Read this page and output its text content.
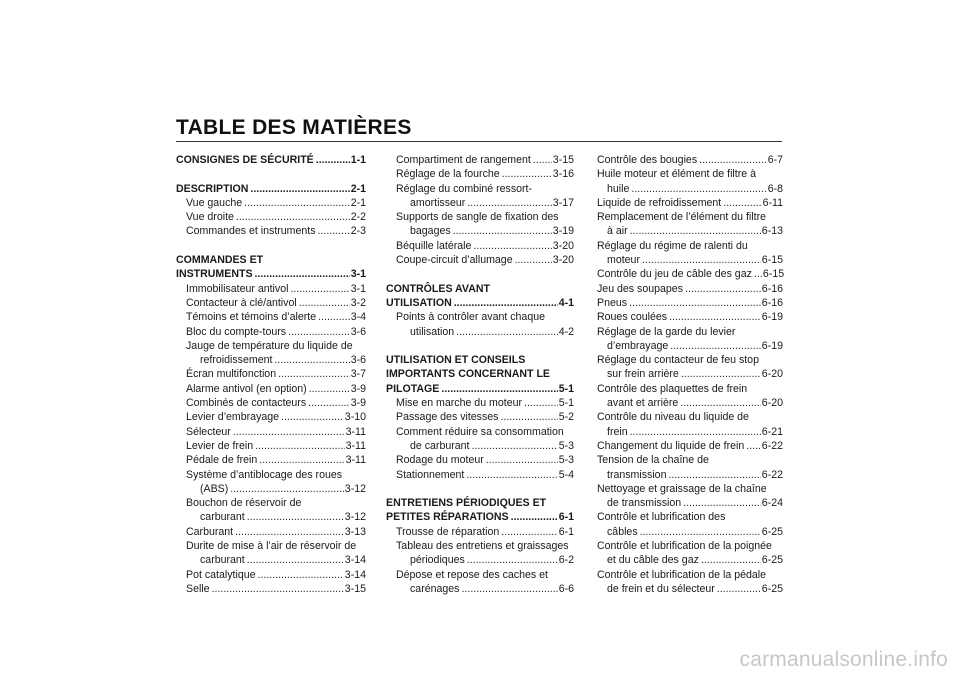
TABLE DES MATIÈRES
CONSIGNES DE SÉCURITÉ .....	1-1
DESCRIPTION .....	2-1
Vue gauche .....	2-1
Vue droite .....	2-2
Commandes et instruments .....	2-3
COMMANDES ET
INSTRUMENTS .....	3-1
Immobilisateur antivol .....	3-1
Contacteur à clé/antivol .....	3-2
Témoins et témoins d’alerte .....	3-4
Bloc du compte-tours .....	3-6
Jauge de température du liquide de
refroidissement .....	3-6
Écran multifonction .....	3-7
Alarme antivol (en option) .....	3-9
Combinés de contacteurs .....	3-9
Levier d’embrayage .....	3-10
Sélecteur .....	3-11
Levier de frein .....	3-11
Pédale de frein .....	3-11
Système d’antiblocage des roues
(ABS) .....	3-12
Bouchon de réservoir de
carburant .....	3-12
Carburant .....	3-13
Durite de mise à l’air de réservoir de
carburant .....	3-14
Pot catalytique .....	3-14
Selle .....	3-15
Compartiment de rangement ..... 3-15
Réglage de la fourche .....	3-16
Réglage du combiné ressort-
amortisseur .....	3-17
Supports de sangle de fixation des
bagages .....	3-19
Béquille latérale .....	3-20
Coupe-circuit d’allumage .....	3-20
CONTRÔLES AVANT
UTILISATION .....	4-1
Points à contrôler avant chaque
utilisation .....	4-2
UTILISATION ET CONSEILS
IMPORTANTS CONCERNANT LE
PILOTAGE .....	5-1
Mise en marche du moteur .....	5-1
Passage des vitesses .....	5-2
Comment réduire sa consommation
de carburant .....	5-3
Rodage du moteur .....	5-3
Stationnement .....	5-4
ENTRETIENS PÉRIODIQUES ET
PETITES RÉPARATIONS .....	6-1
Trousse de réparation .....	6-1
Tableau des entretiens et graissages
périodiques .....	6-2
Dépose et repose des caches et
carénages .....	6-6
Contrôle des bougies .....	6-7
Huile moteur et élément de filtre à
huile .....	6-8
Liquide de refroidissement .....	6-11
Remplacement de l’élément du filtre
à air .....	6-13
Réglage du régime de ralenti du
moteur .....	6-15
Contrôle du jeu de câble des gaz ..... 6-15
Jeu des soupapes .....	6-16
Pneus .....	6-16
Roues coulées .....	6-19
Réglage de la garde du levier
d’embrayage .....	6-19
Réglage du contacteur de feu stop
sur frein arrière .....	6-20
Contrôle des plaquettes de frein
avant et arrière .....	6-20
Contrôle du niveau du liquide de
frein .....	6-21
Changement du liquide de frein ..... 6-22
Tension de la chaîne de
transmission .....	6-22
Nettoyage et graissage de la chaîne
de transmission .....	6-24
Contrôle et lubrification des
câbles .....	6-25
Contrôle et lubrification de la poignée
et du câble des gaz .....	6-25
Contrôle et lubrification de la pédale
de frein et du sélecteur .....	6-25
carmanualsonline.info
